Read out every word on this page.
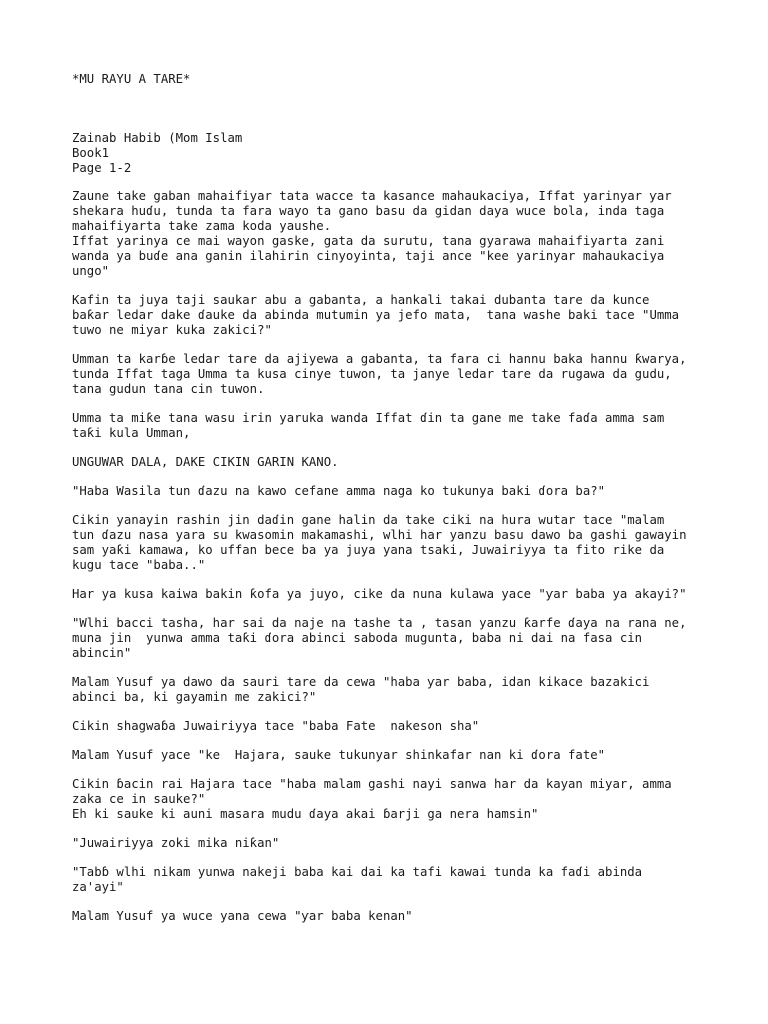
*MU RAYU A TARE*
Zainab Habib (Mom Islam
Book1
Page 1-2
Zaune take gaban mahaifiyar tata wacce ta kasance mahaukaciya, Iffat yarinyar ƴar
shekara huɗu, tunda ta fara wayo ta gano basu da gidan daya wuce bola, inda taga
mahaifiyarta take zama koda yaushe.
Iffat yarinya ce mai wayon gaske, gata da surutu, tana gyarawa mahaifiyarta zani
wanda ya buɗe ana ganin ilahirin cinyoyinta, taji ance "kee yarinyar mahaukaciya
ungo"
Kafin ta juya taji saukar abu a gabanta, a hankali takai dubanta tare da kunce
baƙar ledar dake ɗauke da abinda mutumin ya jefo mata,  tana washe baki tace "Umma
tuwo ne miyar kuka zakici?"
Umman ta karɓe ledar tare da ajiyewa a gabanta, ta fara ci hannu baka hannu ƙwarya,
tunda Iffat taga Umma ta kusa cinye tuwon, ta janye ledar tare da rugawa da gudu,
tana gudun tana cin tuwon.
Umma ta miƙe tana wasu irin yaruka wanda Iffat ɗin ta gane me take faɗa amma sam
taƙi kula Umman,
UNGUWAR DALA, DAKE CIKIN GARIN KANO.
"Haba Wasila tun ɗazu na kawo cefane amma naga ko tukunya baki ɗora ba?"
Cikin yanayin rashin jin daɗin gane halin da take ciki na hura wutar tace "malam
tun ɗazu nasa yara su kwasomin makamashi, wlhi har yanzu basu dawo ba gashi gawayin
sam yaƙi kamawa, ko uffan bece ba ya juya yana tsaki, Juwairiyya ta fito rike da
kugu tace "baba.."
Har ya kusa kaiwa bakin ƙofa ya juyo, cike da nuna kulawa yace "ƴar baba ya akayi?"
"Wlhi bacci tasha, har sai da naje na tashe ta , tasan yanzu ƙarfe ɗaya na rana ne,
muna jin  yunwa amma taƙi ɗora abinci saboda mugunta, baba ni dai na fasa cin
abincin"
Malam Yusuf ya dawo da sauri tare da cewa "haba ƴar baba, idan kikace bazakici
abinci ba, ki gayamin me zakici?"
Cikin shagwaɓa Juwairiyya tace "baba Fate  nakeson sha"
Malam Yusuf yace "ke  Hajara, sauke tukunyar shinkafar nan ki ɗora fate"
Cikin ɓacin rai Hajara tace "haba malam gashi nayi sanwa har da kayan miyar, amma
zaka ce in sauke?"
Eh ki sauke ki auni masara mudu ɗaya akai ɓarji ga nera hamsin"
"Juwairiyya zoki mika niƙan"
"Tabɓ wlhi nikam yunwa nakeji baba kai dai ka tafi kawai tunda ka faɗi abinda
za'ayi"
Malam Yusuf ya wuce yana cewa "ƴar baba kenan"
